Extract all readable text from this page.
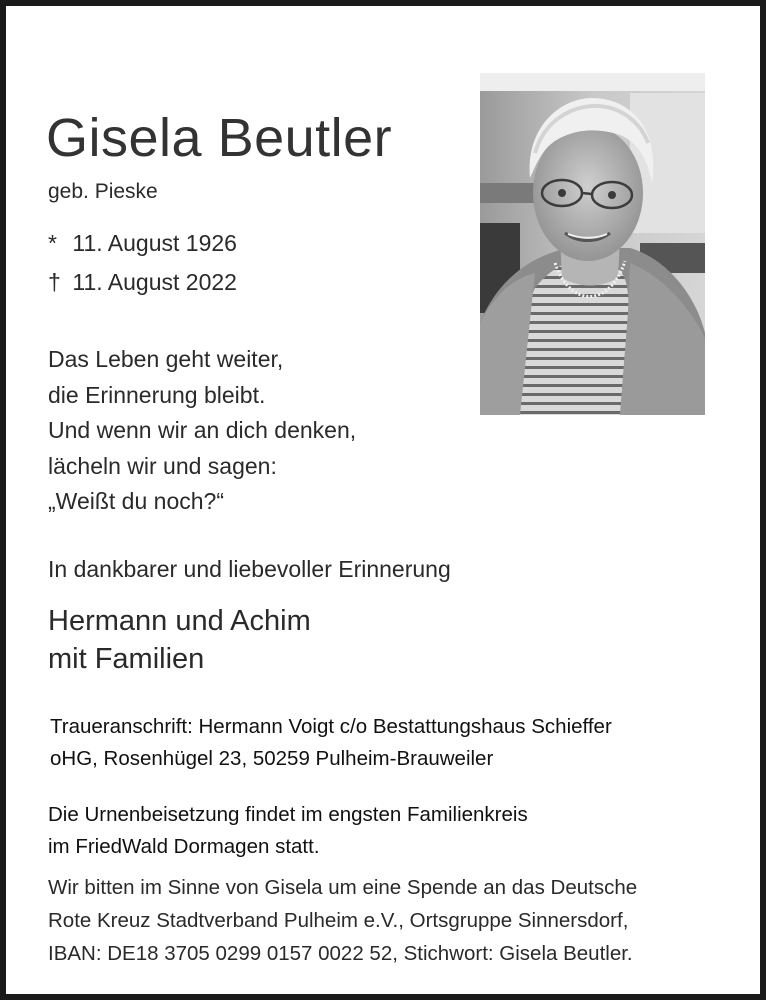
Gisela Beutler
geb. Pieske
* 11. August 1926
† 11. August 2022
Das Leben geht weiter,
die Erinnerung bleibt.
Und wenn wir an dich denken,
lächeln wir und sagen:
„Weißt du noch?“
In dankbarer und liebevoller Erinnerung
Hermann und Achim
mit Familien
Traueranschrift: Hermann Voigt c/o Bestattungshaus Schieffer
oHG, Rosenhügel 23, 50259 Pulheim-Brauweiler
Die Urnenbeisetzung findet im engsten Familienkreis
im FriedWald Dormagen statt.
Wir bitten im Sinne von Gisela um eine Spende an das Deutsche
Rote Kreuz Stadtverband Pulheim e.V., Ortsgruppe Sinnersdorf,
IBAN: DE18 3705 0299 0157 0022 52, Stichwort: Gisela Beutler.
